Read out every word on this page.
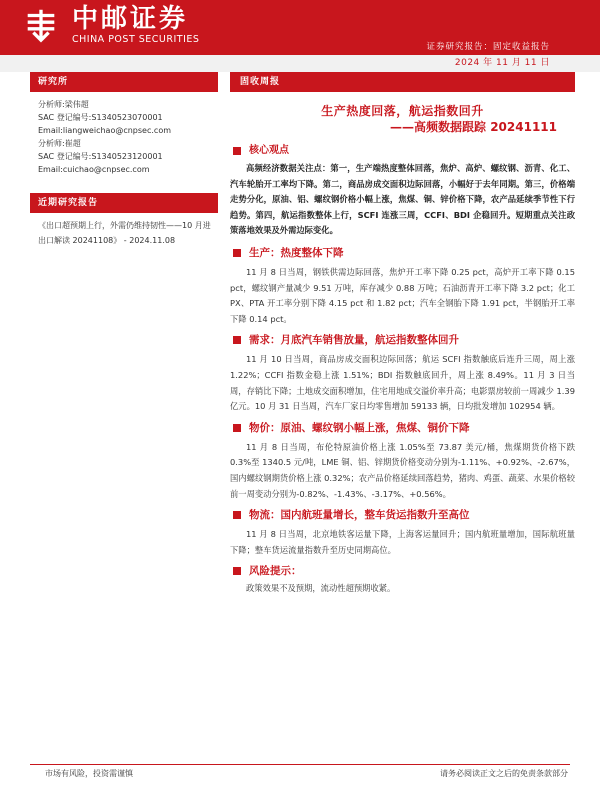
中邮证券
CHINA POST SECURITIES
证券研究报告：固定收益报告
2024 年 11 月 11 日
研究所
分析师:梁伟超
SAC 登记编号:S1340523070001
Email:liangweichao@cnpsec.com
分析师:崔超
SAC 登记编号:S1340523120001
Email:cuichao@cnpsec.com
近期研究报告
《出口超预期上行，外需仍维持韧性——10 月进出口解读 20241108》 - 2024.11.08
固收周报
生产热度回落，航运指数回升
——高频数据跟踪 20241111
核心观点
高频经济数据关注点：第一，生产端热度整体回落，焦炉、高炉、螺纹钢、沥青、化工、汽车轮胎开工率均下降。第二，商品房成交面积边际回落，小幅好于去年同期。第三，价格端走势分化，原油、铝、螺纹钢价格小幅上涨，焦煤、铜、锌价格下降，农产品延续季节性下行趋势。第四，航运指数整体上行，SCFI 连涨三周，CCFI、BDI 企稳回升。短期重点关注政策落地效果及外需边际变化。
生产：热度整体下降
11 月 8 日当周，钢铁供需边际回落，焦炉开工率下降 0.25 pct，高炉开工率下降 0.15 pct，螺纹钢产量减少 9.51 万吨，库存减少 0.88 万吨；石油沥青开工率下降 3.2 pct；化工 PX、PTA 开工率分别下降 4.15 pct 和 1.82 pct；汽车全钢胎下降 1.91 pct，半钢胎开工率下降 0.14 pct。
需求：月底汽车销售放量，航运指数整体回升
11 月 10 日当周，商品房成交面积边际回落；航运 SCFI 指数触底后连升三周，周上涨 1.22%；CCFI 指数金稳上涨 1.51%；BDI 指数触底回升，周上涨 8.49%。11 月 3 日当周，存销比下降；土地成交面积增加，住宅用地成交溢价率升高；电影票房较前一周减少 1.39 亿元。10 月 31 日当周，汽车厂家日均零售增加 59133 辆，日均批发增加 102954 辆。
物价：原油、螺纹钢小幅上涨，焦煤、铜价下降
11 月 8 日当周，布伦特原油价格上涨 1.05%至 73.87 美元/桶，焦煤期货价格下跌 0.3%至 1340.5 元/吨，LME 铜、铝、锌期货价格变动分别为-1.11%、+0.92%、-2.67%，国内螺纹钢期货价格上涨 0.32%；农产品价格延续回落趋势，猪肉、鸡蛋、蔬菜、水果价格较前一周变动分别为-0.82%、-1.43%、-3.17%、+0.56%。
物流：国内航班量增长，整车货运指数升至高位
11 月 8 日当周，北京地铁客运量下降，上海客运量回升；国内航班量增加，国际航班量下降；整车货运流量指数升至历史同期高位。
风险提示：
政策效果不及预期，流动性超预期收紧。
市场有风险，投资需谨慎	请务必阅读正文之后的免责条款部分
